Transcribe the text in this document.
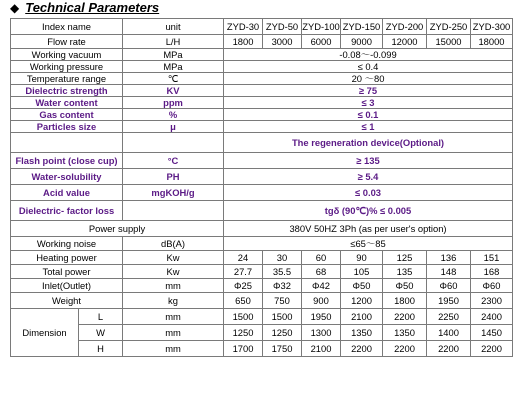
◆ Technical Parameters
Index name		unit	ZYD-30	ZYD-50	ZYD-100	ZYD-150	ZYD-200	ZYD-250	ZYD-300
Flow rate		L/H	1800	3000	6000	9000	12000	15000	18000
Working vacuum		MPa	-0.08～-0.099						
Working pressure		MPa	≤ 0.4						
Temperature range		℃	20 ～80						
Dielectric strength		KV	≥ 75						
Water content		ppm	≤ 3						
Gas content		%	≤ 0.1						
Particles size		μ	≤ 1						
			The regeneration device(Optional)						
Flash point (close cup)		°C	≥ 135						
Water-solubility		PH	≥ 5.4						
Acid value		mgKOH/g	≤ 0.03						
Dielectric- factor loss			tgδ (90℃)% ≤ 0.005						
Power supply			380V 50HZ 3Ph (as per user's option)						
Working noise		dB(A)	≤65～85						
Heating power		Kw	24	30	60	90	125	136	151
Total power		Kw	27.7	35.5	68	105	135	148	168
Inlet(Outlet)		mm	Φ25	Φ32	Φ42	Φ50	Φ50	Φ60	Φ60
Weight		kg	650	750	900	1200	1800	1950	2300
Dimension	L	mm	1500	1500	1950	2100	2200	2250	2400
	W	mm	1250	1250	1300	1350	1350	1400	1450
	H	mm	1700	1750	2100	2200	2200	2200	2200
